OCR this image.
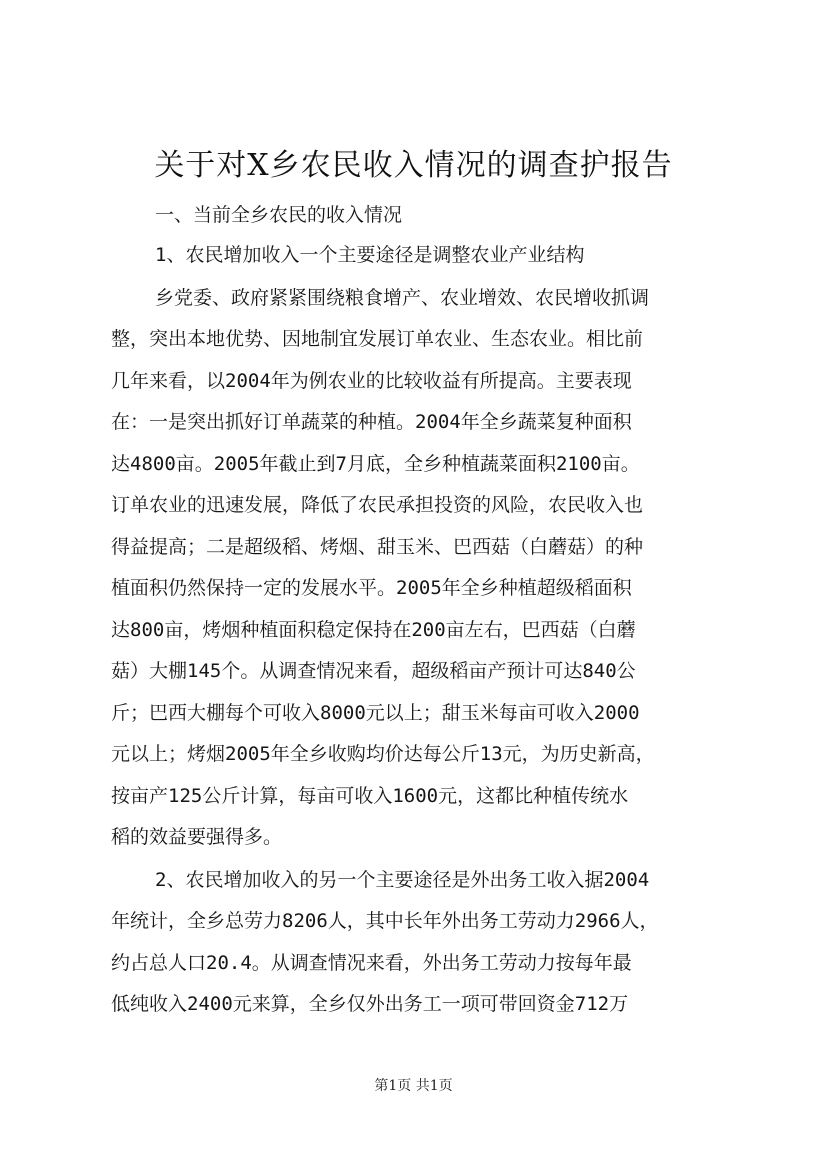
关于对X乡农民收入情况的调查护报告
一、当前全乡农民的收入情况
1、农民增加收入一个主要途径是调整农业产业结构
乡党委、政府紧紧围绕粮食增产、农业增效、农民增收抓调
整，突出本地优势、因地制宜发展订单农业、生态农业。相比前
几年来看，以2004年为例农业的比较收益有所提高。主要表现
在：一是突出抓好订单蔬菜的种植。2004年全乡蔬菜复种面积
达4800亩。2005年截止到7月底，全乡种植蔬菜面积2100亩。
订单农业的迅速发展，降低了农民承担投资的风险，农民收入也
得益提高；二是超级稻、烤烟、甜玉米、巴西菇（白蘑菇）的种
植面积仍然保持一定的发展水平。2005年全乡种植超级稻面积
达800亩，烤烟种植面积稳定保持在200亩左右，巴西菇（白蘑
菇）大棚145个。从调查情况来看，超级稻亩产预计可达840公
斤；巴西大棚每个可收入8000元以上；甜玉米每亩可收入2000
元以上；烤烟2005年全乡收购均价达每公斤13元，为历史新高，
按亩产125公斤计算，每亩可收入1600元，这都比种植传统水
稻的效益要强得多。
2、农民增加收入的另一个主要途径是外出务工收入据2004
年统计，全乡总劳力8206人，其中长年外出务工劳动力2966人，
约占总人口20.4。从调查情况来看，外出务工劳动力按每年最
低纯收入2400元来算，全乡仅外出务工一项可带回资金712万
第1页 共1页
